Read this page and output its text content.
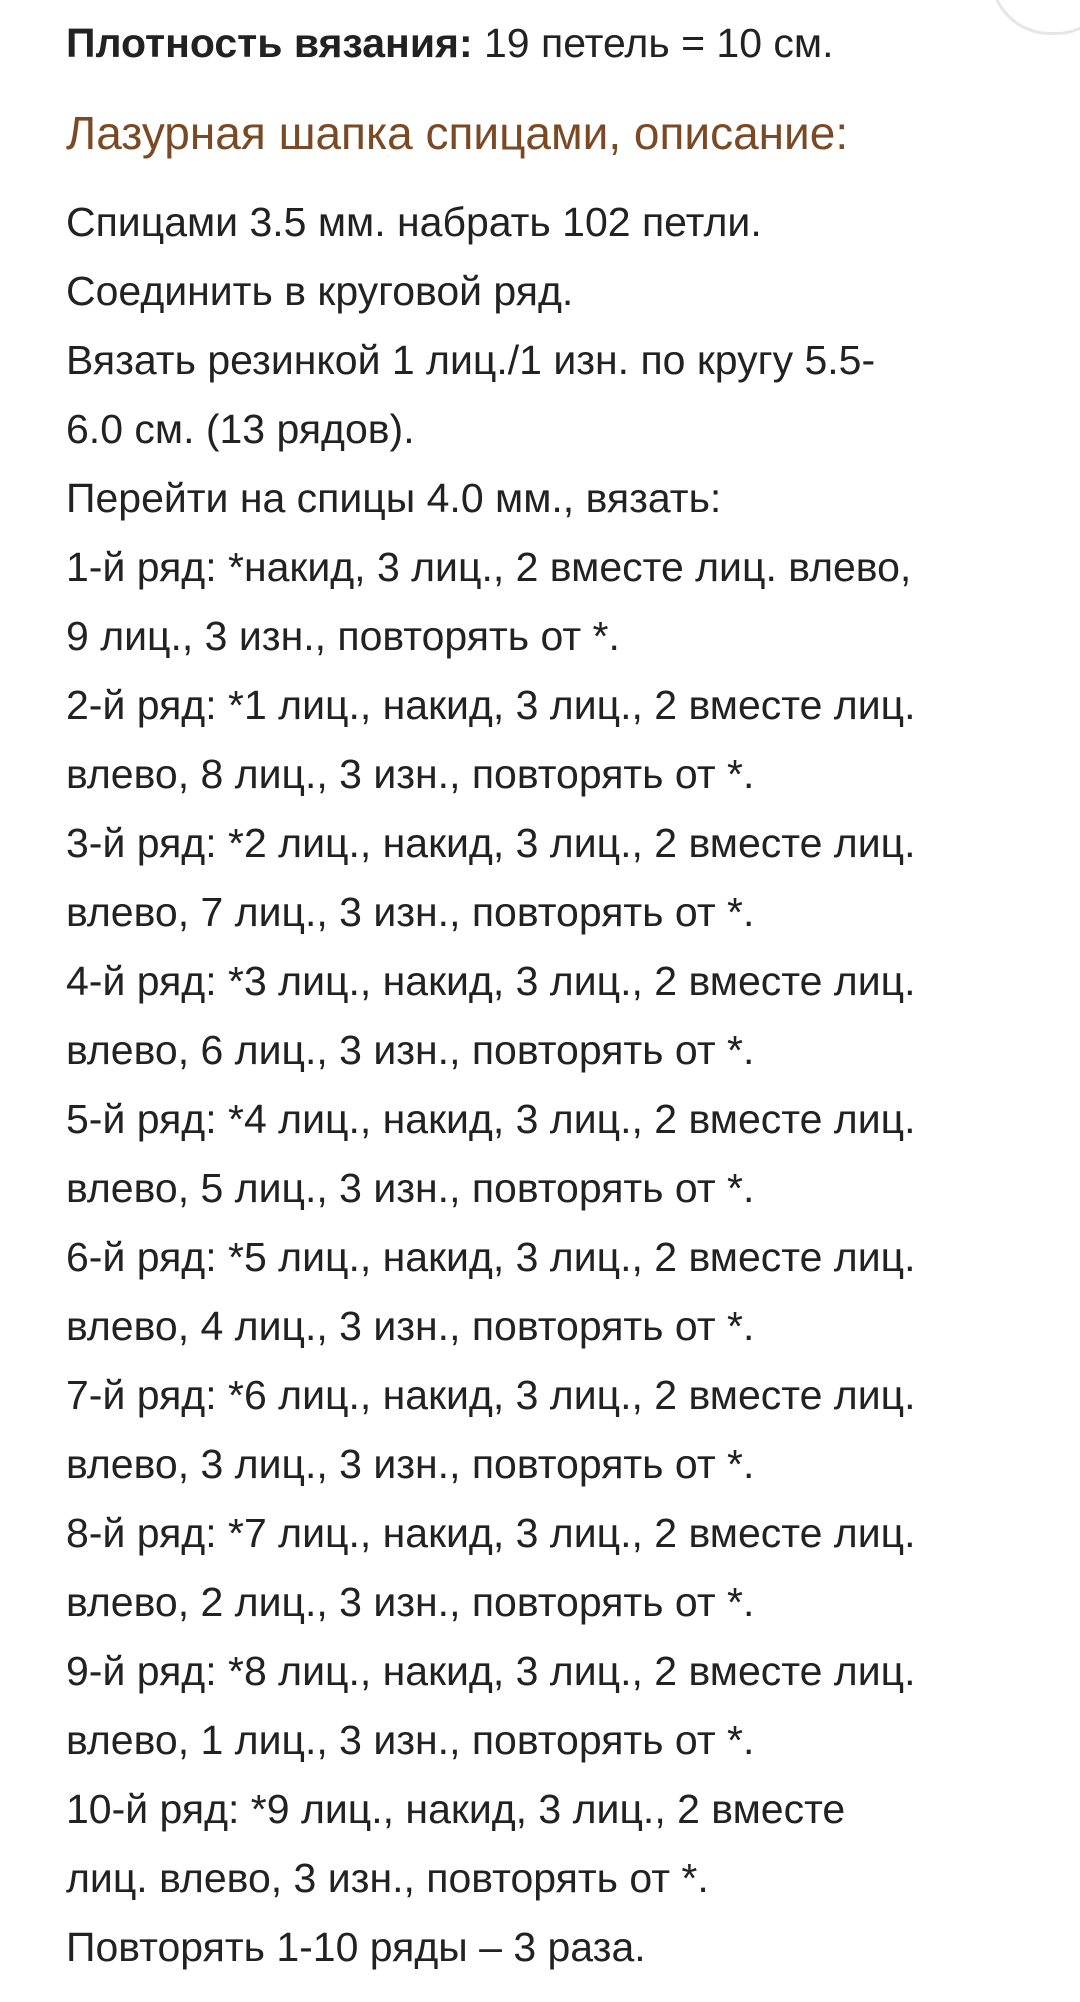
Плотность вязания: 19 петель = 10 см.

Лазурная шапка спицами, описание:

Спицами 3.5 мм. набрать 102 петли.

Соединить в круговой ряд.

Вязать резинкой 1 лиц./1 изн. по кругу 5.5-

6.0 см. (13 рядов).

Перейти на спицы 4.0 мм., вязать:

1-й ряд: *накид, 3 лиц., 2 вместе лиц. влево,

9 лиц., 3 изн., повторять от *.

2-й ряд: *1 лиц., накид, 3 лиц., 2 вместе лиц.

влево, 8 лиц., 3 изн., повторять от *.

3-й ряд: *2 лиц., накид, 3 лиц., 2 вместе лиц.

влево, 7 лиц., 3 изн., повторять от *.

4-й ряд: *3 лиц., накид, 3 лиц., 2 вместе лиц.

влево, 6 лиц., 3 изн., повторять от *.

5-й ряд: *4 лиц., накид, 3 лиц., 2 вместе лиц.

влево, 5 лиц., 3 изн., повторять от *.

6-й ряд: *5 лиц., накид, 3 лиц., 2 вместе лиц.

влево, 4 лиц., 3 изн., повторять от *.

7-й ряд: *6 лиц., накид, 3 лиц., 2 вместе лиц.

влево, 3 лиц., 3 изн., повторять от *.

8-й ряд: *7 лиц., накид, 3 лиц., 2 вместе лиц.

влево, 2 лиц., 3 изн., повторять от *.

9-й ряд: *8 лиц., накид, 3 лиц., 2 вместе лиц.

влево, 1 лиц., 3 изн., повторять от *.

10-й ряд: *9 лиц., накид, 3 лиц., 2 вместе

лиц. влево, 3 изн., повторять от *.

Повторять 1-10 ряды – 3 раза.
